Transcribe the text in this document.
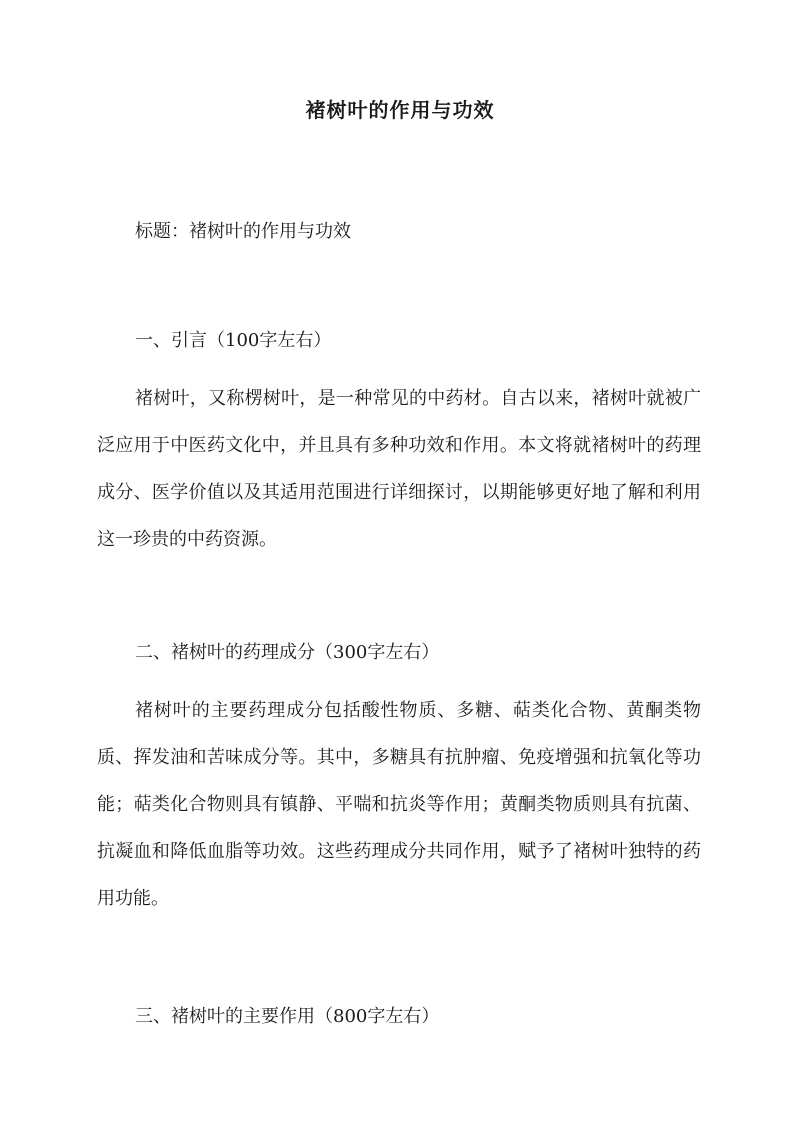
褚树叶的作用与功效

标题：褚树叶的作用与功效

一、引言（100字左右）

褚树叶，又称楞树叶，是一种常见的中药材。自古以来，褚树叶就被广泛应用于中医药文化中，并且具有多种功效和作用。本文将就褚树叶的药理成分、医学价值以及其适用范围进行详细探讨，以期能够更好地了解和利用这一珍贵的中药资源。

二、褚树叶的药理成分（300字左右）

褚树叶的主要药理成分包括酸性物质、多糖、萜类化合物、黄酮类物质、挥发油和苦味成分等。其中，多糖具有抗肿瘤、免疫增强和抗氧化等功能；萜类化合物则具有镇静、平喘和抗炎等作用；黄酮类物质则具有抗菌、抗凝血和降低血脂等功效。这些药理成分共同作用，赋予了褚树叶独特的药用功能。

三、褚树叶的主要作用（800字左右）
